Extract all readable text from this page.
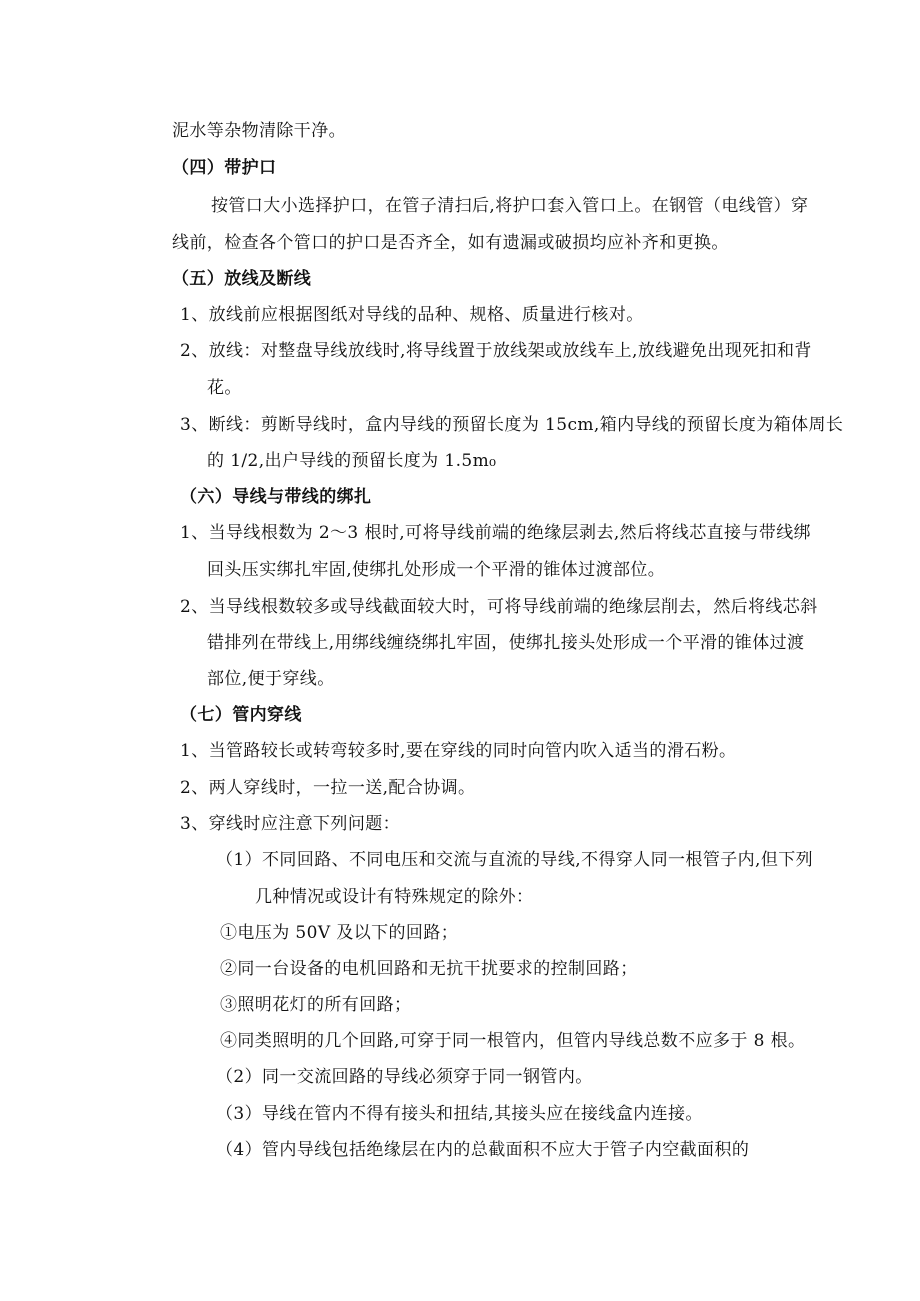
泥水等杂物清除干净。
（四）带护口
按管口大小选择护口，在管子清扫后,将护口套入管口上。在钢管（电线管）穿
线前，检查各个管口的护口是否齐全，如有遗漏或破损均应补齐和更换。
（五）放线及断线
1、放线前应根据图纸对导线的品种、规格、质量进行核对。
2、放线：对整盘导线放线时,将导线置于放线架或放线车上,放线避免出现死扣和背
花。
3、断线：剪断导线时，盒内导线的预留长度为 15cm,箱内导线的预留长度为箱体周长
的 1/2,出户导线的预留长度为 1.5m₀
（六）导线与带线的绑扎
1、当导线根数为 2～3 根时,可将导线前端的绝缘层剥去,然后将线芯直接与带线绑
回头压实绑扎牢固,使绑扎处形成一个平滑的锥体过渡部位。
2、当导线根数较多或导线截面较大时，可将导线前端的绝缘层削去，然后将线芯斜
错排列在带线上,用绑线缠绕绑扎牢固，使绑扎接头处形成一个平滑的锥体过渡
部位,便于穿线。
（七）管内穿线
1、当管路较长或转弯较多时,要在穿线的同时向管内吹入适当的滑石粉。
2、两人穿线时，一拉一送,配合协调。
3、穿线时应注意下列问题：
（1）不同回路、不同电压和交流与直流的导线,不得穿人同一根管子内,但下列
几种情况或设计有特殊规定的除外：
①电压为 50V 及以下的回路；
②同一台设备的电机回路和无抗干扰要求的控制回路；
③照明花灯的所有回路；
④同类照明的几个回路,可穿于同一根管内，但管内导线总数不应多于 8 根。
（2）同一交流回路的导线必须穿于同一钢管内。
（3）导线在管内不得有接头和扭结,其接头应在接线盒内连接。
（4）管内导线包括绝缘层在内的总截面积不应大于管子内空截面积的
